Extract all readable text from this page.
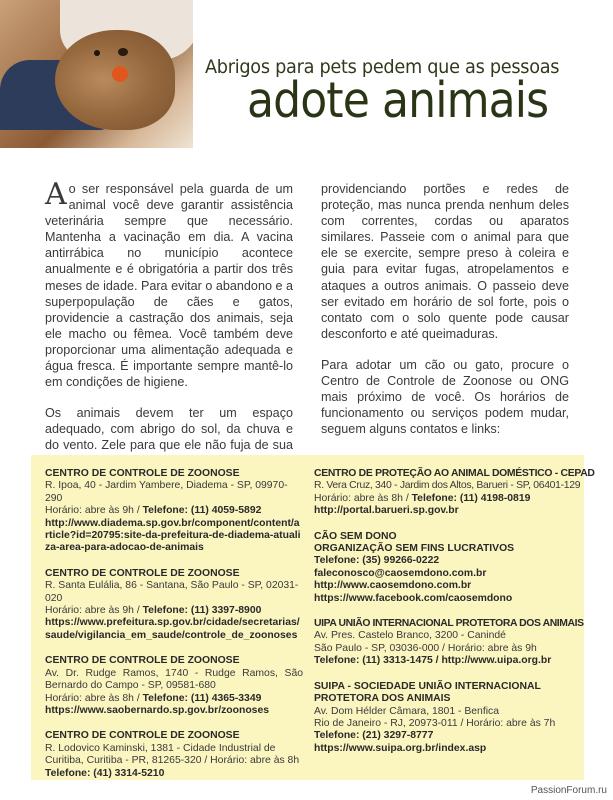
Abrigos para pets pedem que as pessoas
adote animais

Ao ser responsável pela guarda de um animal você deve garantir assistência veterinária sempre que necessário. Mantenha a vacinação em dia. A vacina antirrábica no município acontece anualmente e é obrigatória a partir dos três meses de idade. Para evitar o abandono e a superpopulação de cães e gatos, providencie a castração dos animais, seja ele macho ou fêmea. Você também deve proporcionar uma alimentação adequada e água fresca. É importante sempre mantê-lo em condições de higiene.

Os animais devem ter um espaço adequado, com abrigo do sol, da chuva e do vento. Zele para que ele não fuja de sua

providenciando portões e redes de proteção, mas nunca prenda nenhum deles com correntes, cordas ou aparatos similares. Passeie com o animal para que ele se exercite, sempre preso à coleira e guia para evitar fugas, atropelamentos e ataques a outros animais. O passeio deve ser evitado em horário de sol forte, pois o contato com o solo quente pode causar desconforto e até queimaduras.

Para adotar um cão ou gato, procure o Centro de Controle de Zoonose ou ONG mais próximo de você. Os horários de funcionamento ou serviços podem mudar, seguem alguns contatos e links:

CENTRO DE CONTROLE DE ZOONOSE
R. Ipoa, 40 - Jardim Yambere, Diadema - SP, 09970-290
Horário: abre às 9h / Telefone: (11) 4059-5892
http://www.diadema.sp.gov.br/component/content/article?id=20795:site-da-prefeitura-de-diadema-atualiza-area-para-adocao-de-animais
CENTRO DE CONTROLE DE ZOONOSE
R. Santa Eulália, 86 - Santana, São Paulo - SP, 02031-020
Horário: abre às 9h / Telefone: (11) 3397-8900
https://www.prefeitura.sp.gov.br/cidade/secretarias/saude/vigilancia_em_saude/controle_de_zoonoses
CENTRO DE CONTROLE DE ZOONOSE
Av. Dr. Rudge Ramos, 1740 - Rudge Ramos, São Bernardo do Campo - SP, 09581-680
Horário: abre às 8h / Telefone: (11) 4365-3349
https://www.saobernardo.sp.gov.br/zoonoses
CENTRO DE CONTROLE DE ZOONOSE
R. Lodovico Kaminski, 1381 - Cidade Industrial de Curitiba, Curitiba - PR, 81265-320 / Horário: abre às 8h
Telefone: (41) 3314-5210
CENTRO DE PROTEÇÃO AO ANIMAL DOMÉSTICO - CEPAD
R. Vera Cruz, 340 - Jardim dos Altos, Barueri - SP, 06401-129
Horário: abre às 8h / Telefone: (11) 4198-0819
http://portal.barueri.sp.gov.br
CÃO SEM DONO
ORGANIZAÇÃO SEM FINS LUCRATIVOS
Telefone: (35) 99266-0222
faleconosco@caosemdono.com.br
http://www.caosemdono.com.br
https://www.facebook.com/caosemdono
UIPA UNIÃO INTERNACIONAL PROTETORA DOS ANIMAIS
Av. Pres. Castelo Branco, 3200 - Canindé
São Paulo - SP, 03036-000 / Horário: abre às 9h
Telefone: (11) 3313-1475 / http://www.uipa.org.br
SUIPA - SOCIEDADE UNIÃO INTERNACIONAL PROTETORA DOS ANIMAIS
Av. Dom Hélder Câmara, 1801 - Benfica
Rio de Janeiro - RJ, 20973-011 / Horário: abre às 7h
Telefone: (21) 3297-8777
https://www.suipa.org.br/index.asp
PassionForum.ru
